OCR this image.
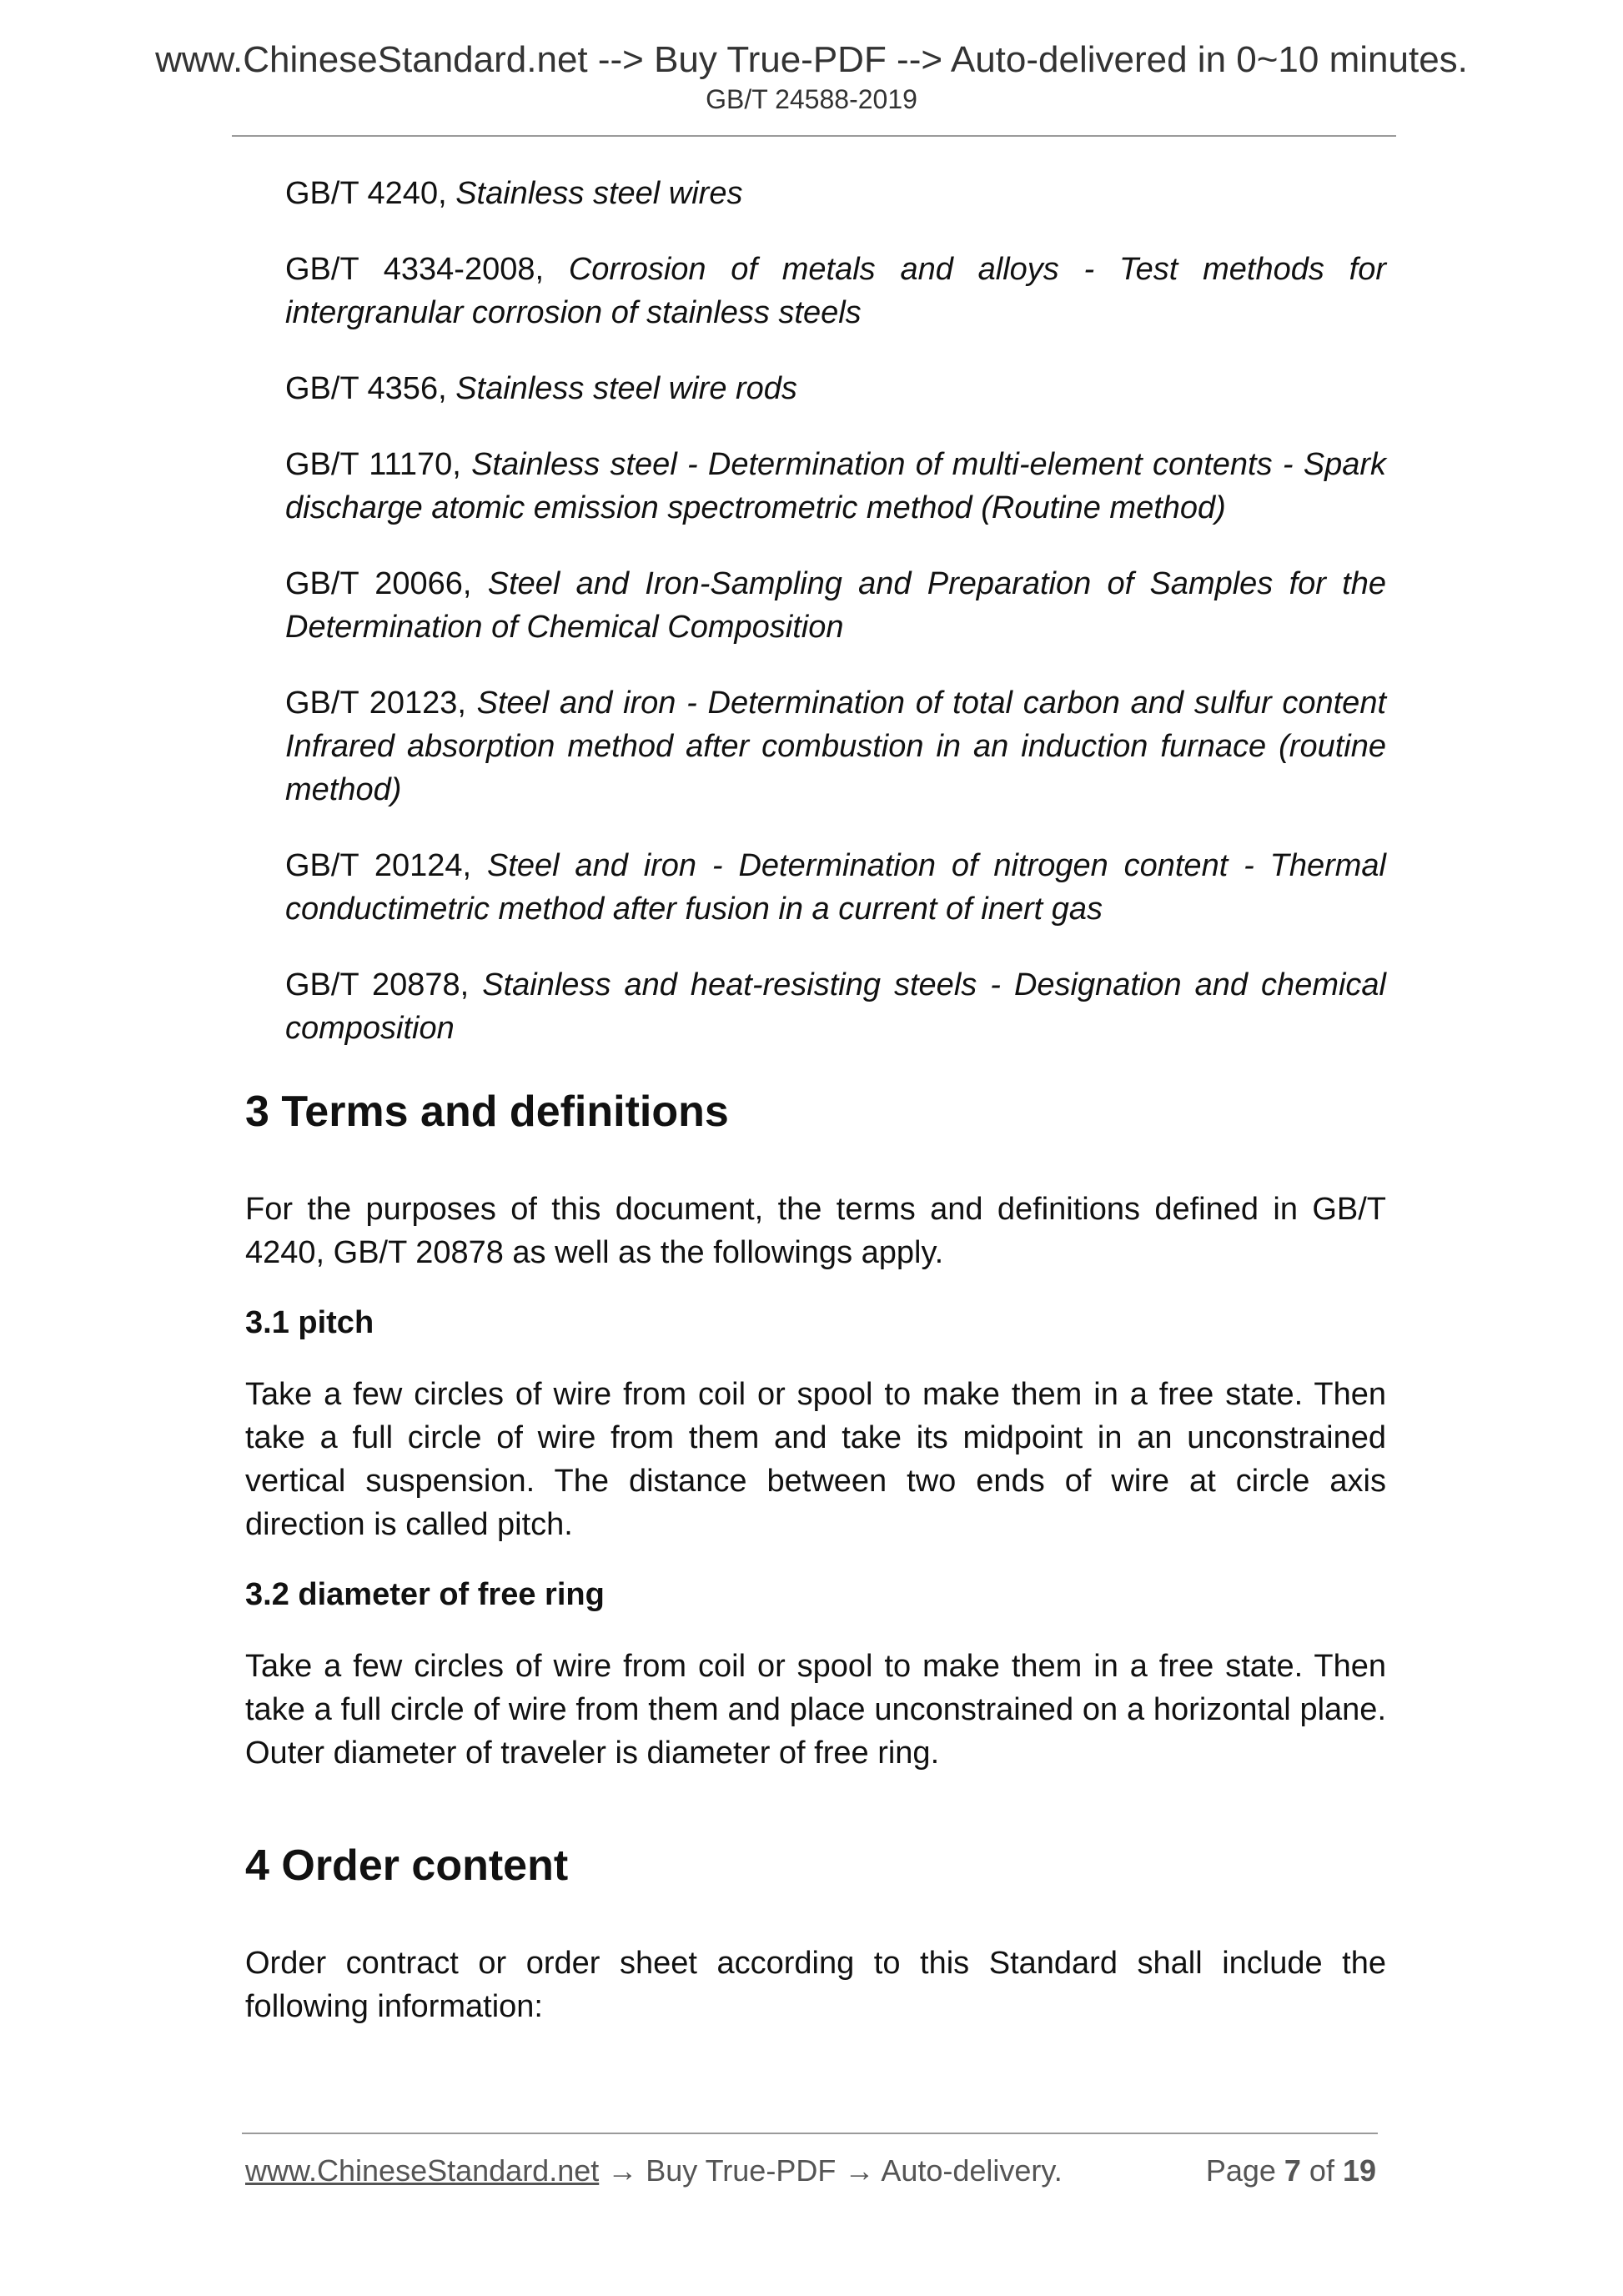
www.ChineseStandard.net --> Buy True-PDF --> Auto-delivered in 0~10 minutes.
GB/T 24588-2019

GB/T 4240, Stainless steel wires

GB/T 4334-2008, Corrosion of metals and alloys - Test methods for intergranular corrosion of stainless steels

GB/T 4356, Stainless steel wire rods

GB/T 11170, Stainless steel - Determination of multi-element contents - Spark discharge atomic emission spectrometric method (Routine method)

GB/T 20066, Steel and Iron-Sampling and Preparation of Samples for the Determination of Chemical Composition

GB/T 20123, Steel and iron - Determination of total carbon and sulfur content Infrared absorption method after combustion in an induction furnace (routine method)

GB/T 20124, Steel and iron - Determination of nitrogen content - Thermal conductimetric method after fusion in a current of inert gas

GB/T 20878, Stainless and heat-resisting steels - Designation and chemical composition

3 Terms and definitions

For the purposes of this document, the terms and definitions defined in GB/T 4240, GB/T 20878 as well as the followings apply.

3.1 pitch

Take a few circles of wire from coil or spool to make them in a free state. Then take a full circle of wire from them and take its midpoint in an unconstrained vertical suspension. The distance between two ends of wire at circle axis direction is called pitch.

3.2 diameter of free ring

Take a few circles of wire from coil or spool to make them in a free state. Then take a full circle of wire from them and place unconstrained on a horizontal plane. Outer diameter of traveler is diameter of free ring.

4 Order content

Order contract or order sheet according to this Standard shall include the following information:

www.ChineseStandard.net → Buy True-PDF → Auto-delivery.	Page 7 of 19
